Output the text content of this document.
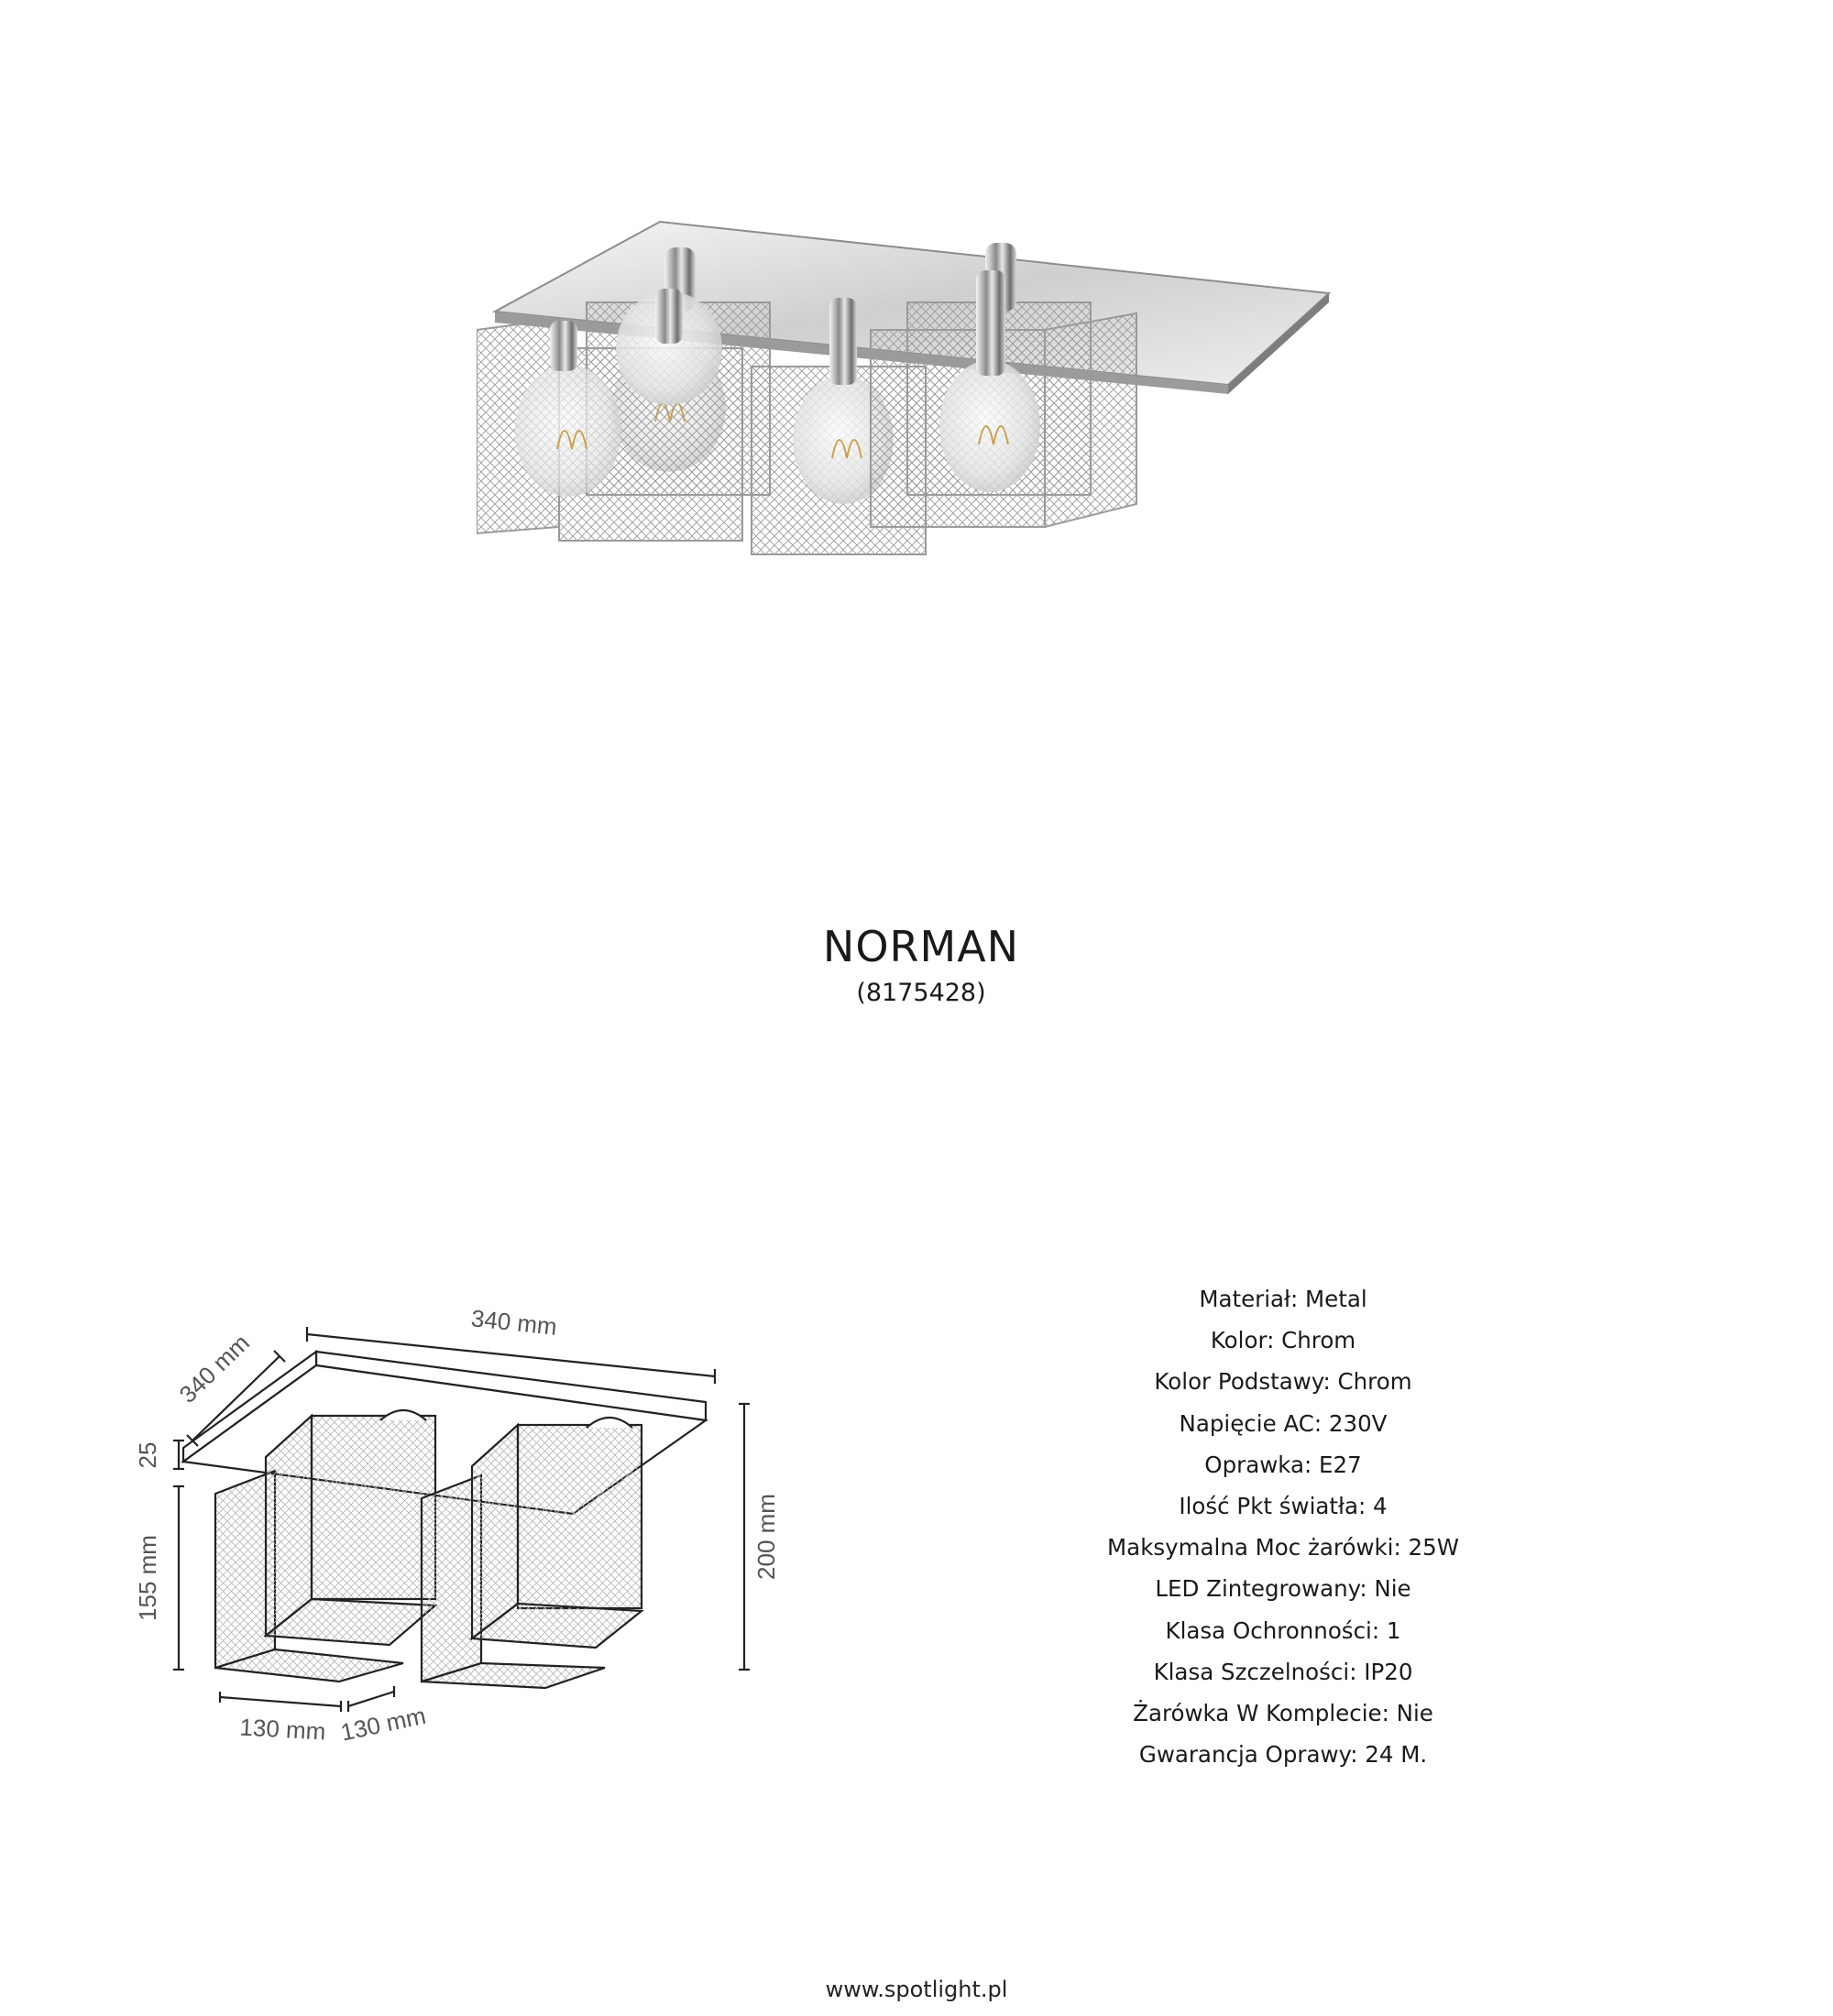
NORMAN
(8175428)
340 mm
340 mm
25
155 mm	200 mm
130 mm 130 mm
Materiał: Metal
Kolor: Chrom
Kolor Podstawy: Chrom
Napięcie AC: 230V
Oprawka: E27
Ilość Pkt światła: 4
Maksymalna Moc żarówki: 25W
LED Zintegrowany: Nie
Klasa Ochronności: 1
Klasa Szczelności: IP20
Żarówka W Komplecie: Nie
Gwarancja Oprawy: 24 M.
www.spotlight.pl
